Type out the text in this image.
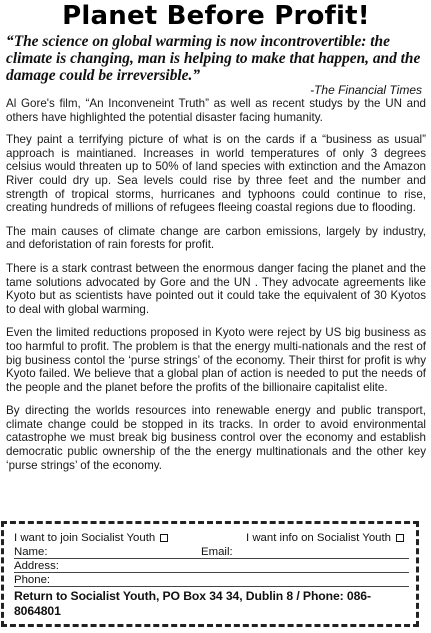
Planet Before Profit!
“The science on global warming is now incontrovertible: the climate is changing, man is helping to make that happen, and the damage could be irreversible.”
-The Financial Times

Al Gore's film, “An Inconveneint Truth” as well as recent studys by the UN and others have highlighted the potential disaster facing humanity.

They paint a terrifying picture of what is on the cards if a “business as usual” approach is maintianed. Increases in world temperatures of only 3 degrees celsius would threaten up to 50% of land species with extinction and the Amazon River could dry up. Sea levels could rise by three feet and the number and strength of tropical storms, hurricanes and typhoons could continue to rise, creating hundreds of millions of refugees fleeing coastal regions due to flooding.

The main causes of climate change are carbon emissions, largely by industry, and deforistation of rain forests for profit.

There is a stark contrast between the enormous danger facing the planet and the tame solutions advocated by Gore and the UN . They advocate agreements like Kyoto but as scientists have pointed out it could take the equivalent of 30 Kyotos to deal with global warming.

Even the limited reductions proposed in Kyoto were reject by US big business as too harmful to profit. The problem is that the energy multi-nationals and the rest of big business contol the ‘purse strings’ of the economy. Their thirst for profit is why Kyoto failed. We believe that a global plan of action is needed to put the needs of the people and the planet before the profits of the billionaire capitalist elite.

By directing the worlds resources into renewable energy and public transport, climate change could be stopped in its tracks. In order to avoid environmental catastrophe we must break big business control over the economy and establish democratic public ownership of the the energy multinationals and the other key ‘purse strings’ of the economy.

I want to join Socialist Youth	I want info on Socialist Youth
Name:	Email:
Address:
Phone:
Return to Socialist Youth, PO Box 34 34, Dublin 8 / Phone: 086-8064801
